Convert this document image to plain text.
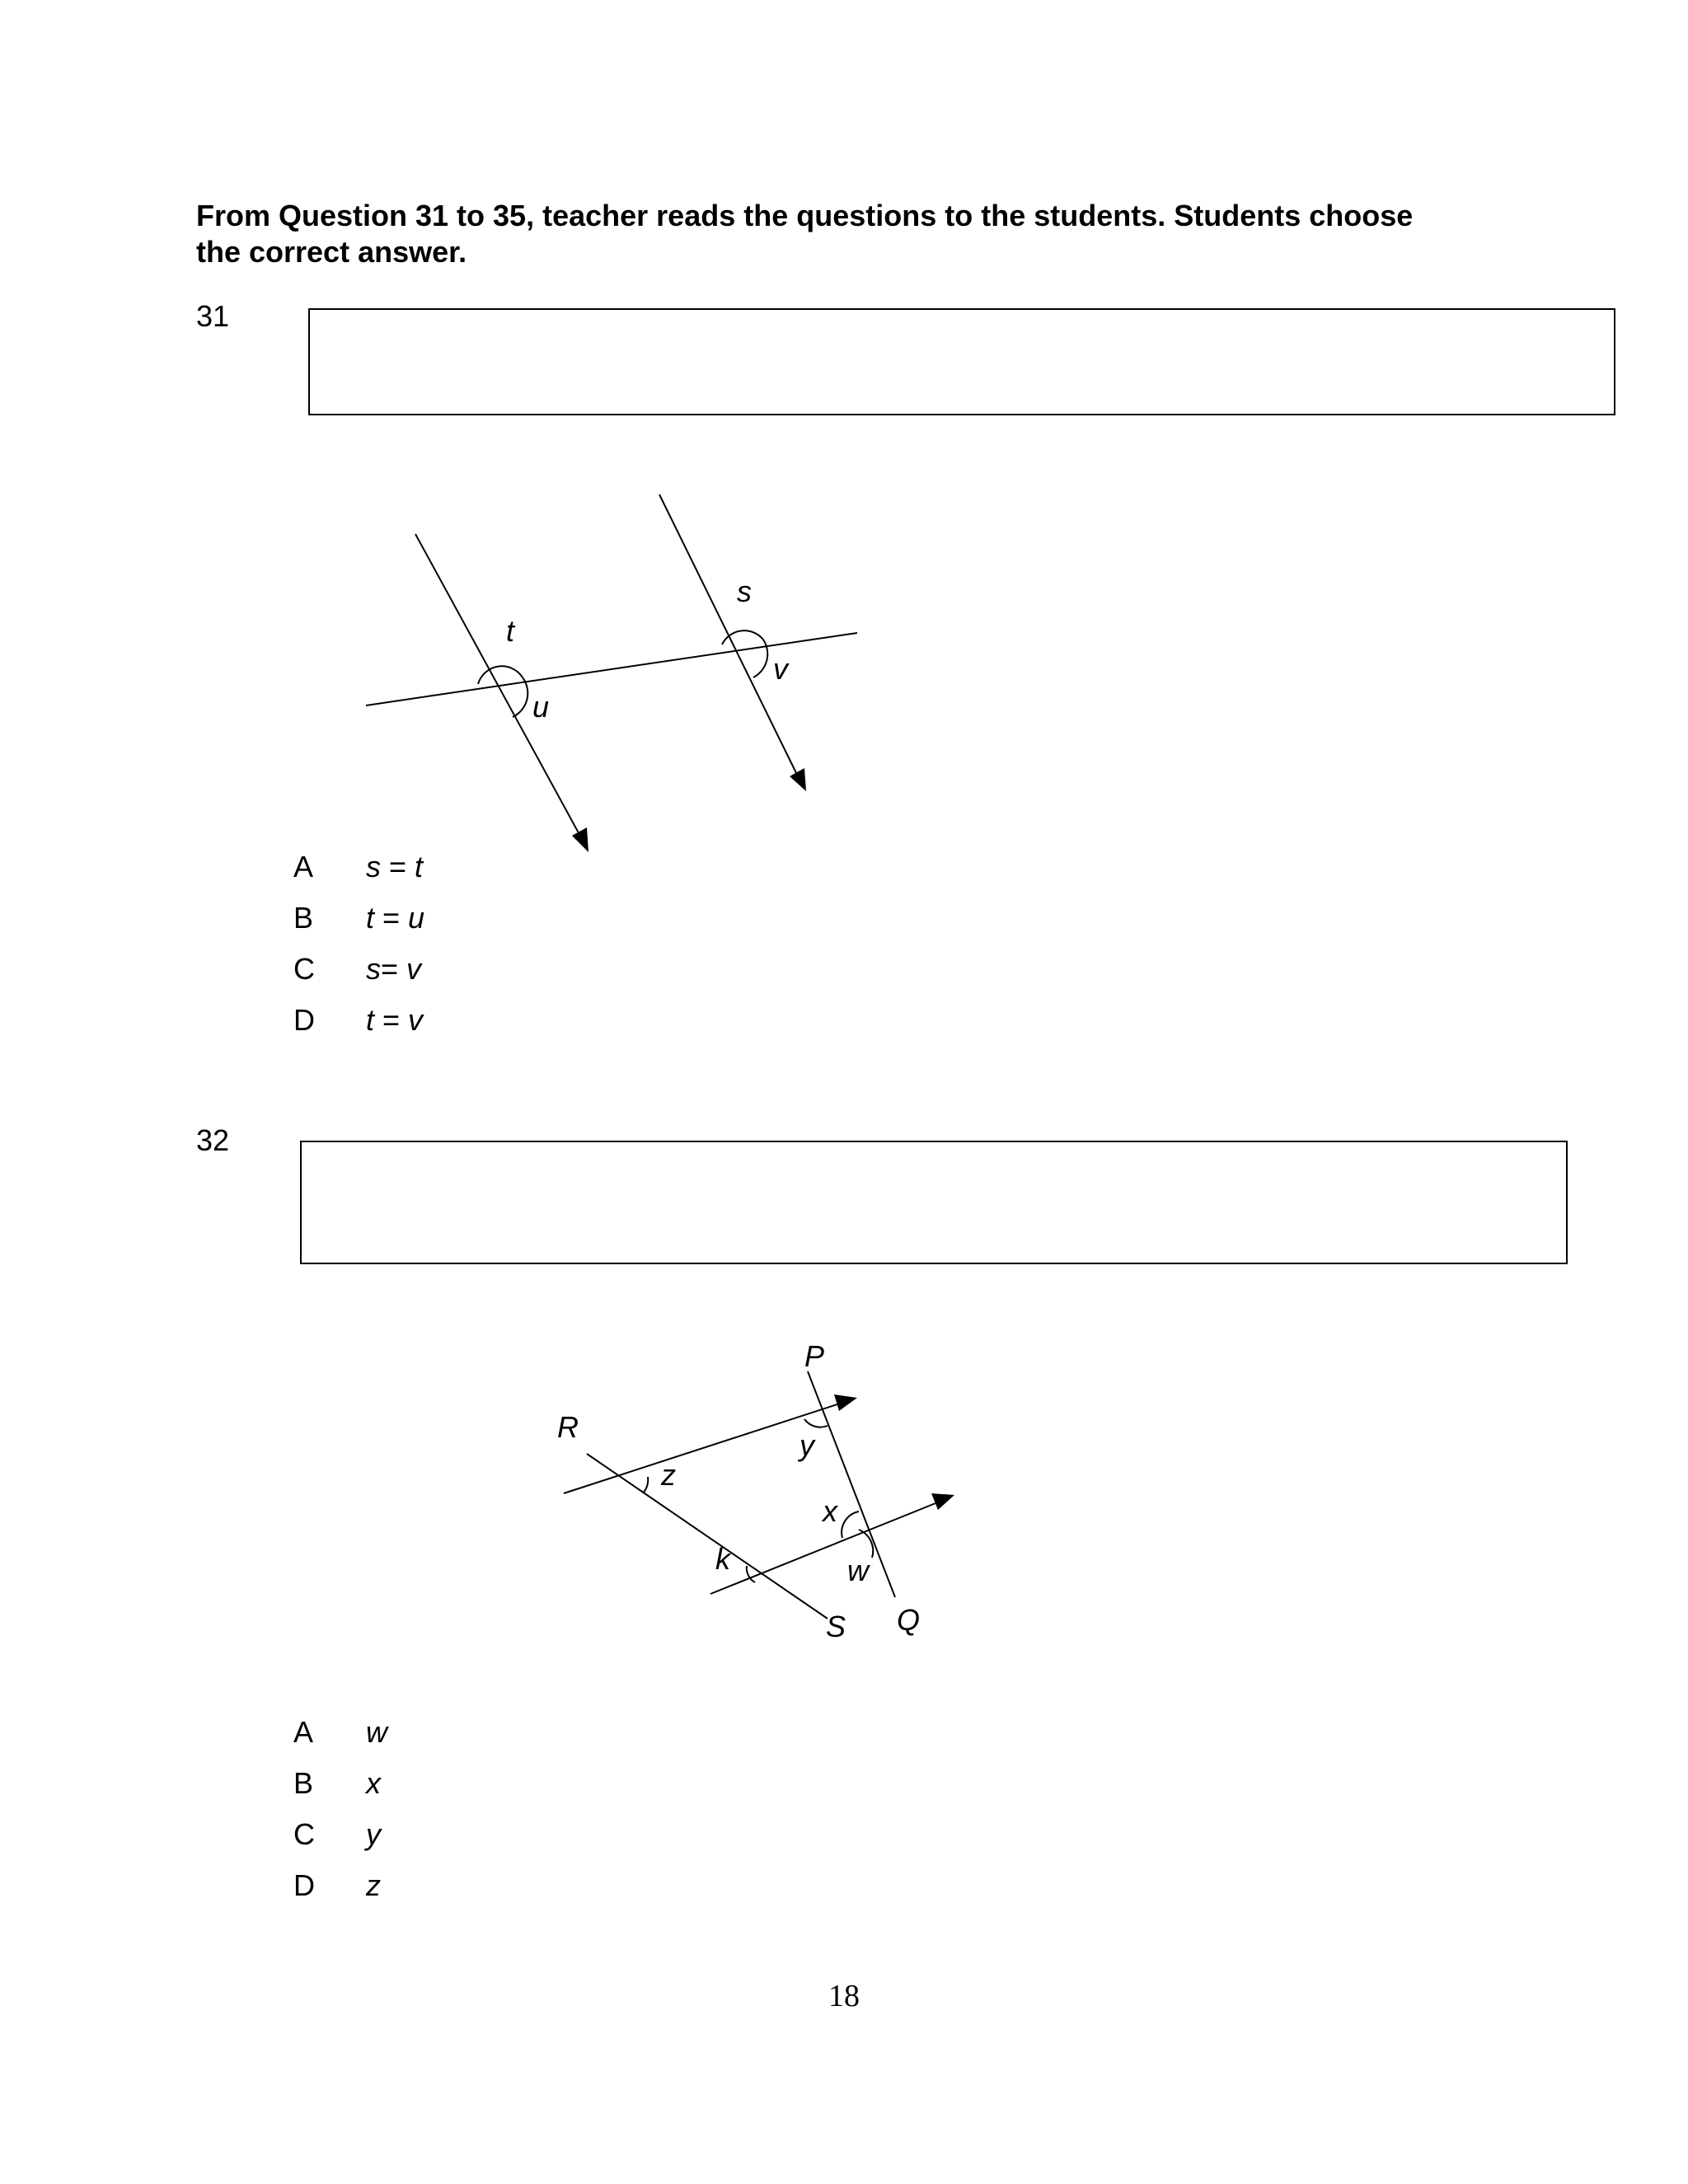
From Question 31 to 35, teacher reads the questions to the students. Students choose
the correct answer.
31
t
u
s
v
A s = t
B t = u
C s= v
D t = v
32
P
R
y
z
x
k	w
S Q
A w
B x
C y
D z
18
